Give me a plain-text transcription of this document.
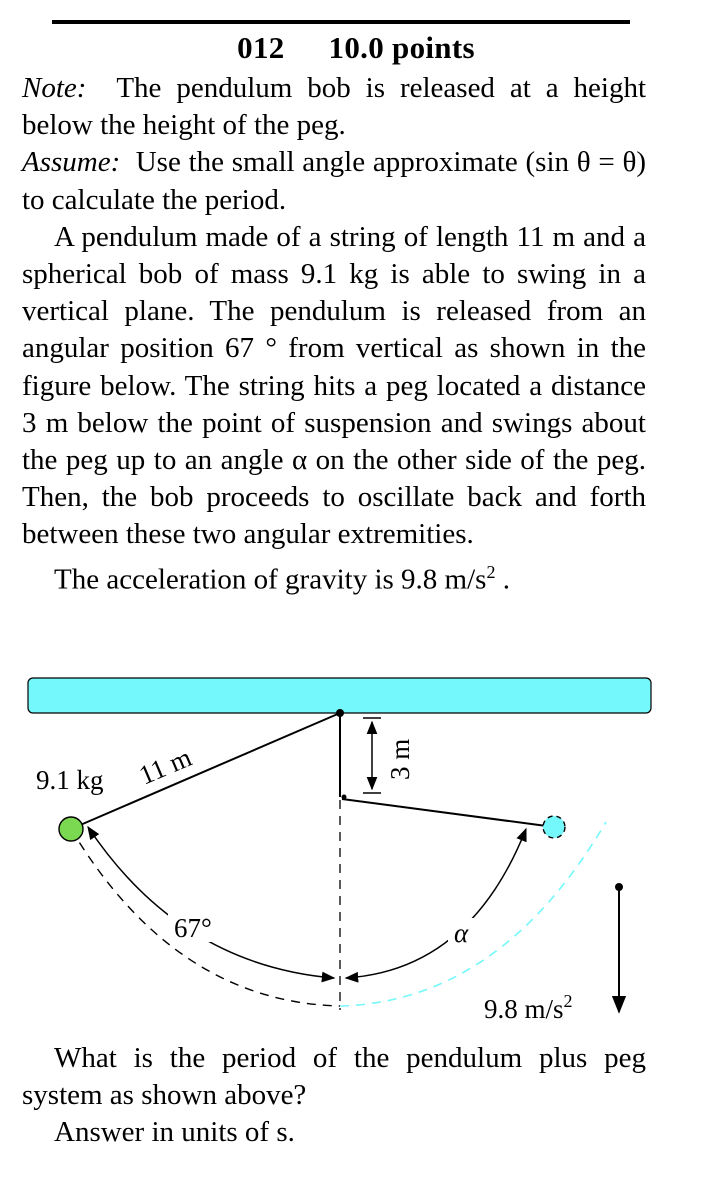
012 10.0 points

Note: The pendulum bob is released at a height below the height of the peg.

Assume: Use the small angle approximate (sin θ = θ) to calculate the period.

A pendulum made of a string of length 11 m and a spherical bob of mass 9.1 kg is able to swing in a vertical plane. The pendulum is released from an angular position 67 ° from vertical as shown in the figure below. The string hits a peg located a distance 3 m below the point of suspension and swings about the peg up to an angle α on the other side of the peg. Then, the bob proceeds to oscillate back and forth between these two angular extremities.

The acceleration of gravity is 9.8 $m/s^2$ .

3 m
9.1 kg 11 m
67°	α
9.8 $m/s^2$

What is the period of the pendulum plus peg system as shown above?

Answer in units of s.
